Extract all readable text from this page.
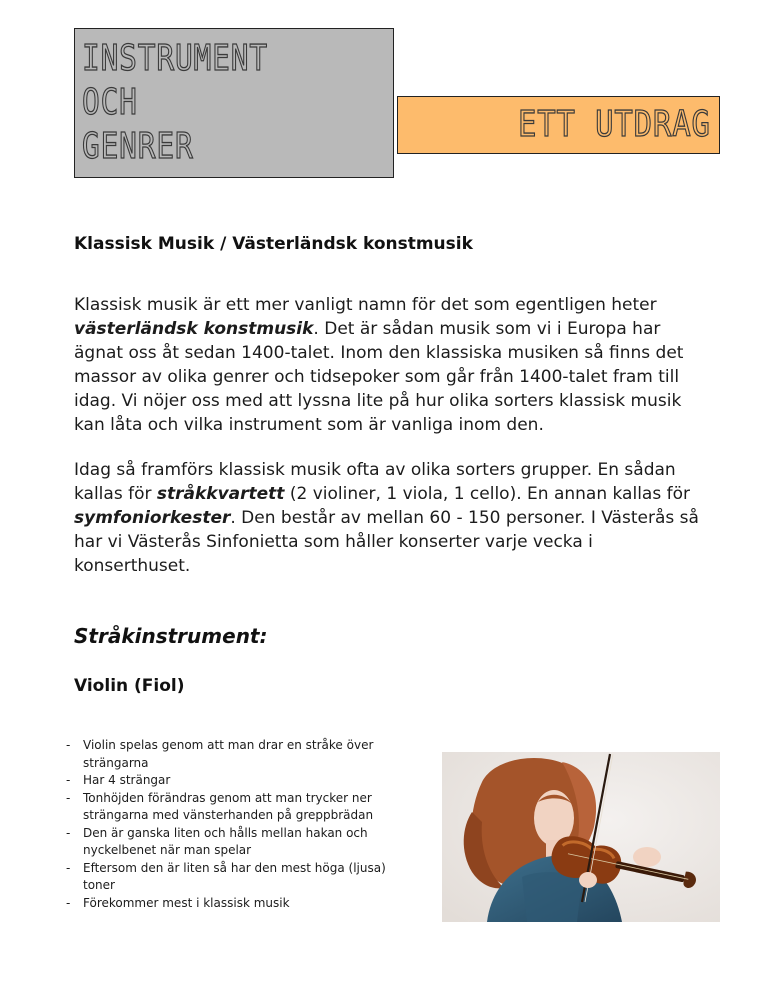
INSTRUMENT
OCH
GENRER
ETT UTDRAG
Klassisk Musik / Västerländsk konstmusik

Klassisk musik är ett mer vanligt namn för det som egentligen heter västerländsk konstmusik. Det är sådan musik som vi i Europa har ägnat oss åt sedan 1400-talet. Inom den klassiska musiken så finns det massor av olika genrer och tidsepoker som går från 1400-talet fram till idag. Vi nöjer oss med att lyssna lite på hur olika sorters klassisk musik kan låta och vilka instrument som är vanliga inom den.

Idag så framförs klassisk musik ofta av olika sorters grupper. En sådan kallas för stråkkvartett (2 violiner, 1 viola, 1 cello). En annan kallas för symfoniorkester. Den består av mellan 60 - 150 personer. I Västerås så har vi Västerås Sinfonietta som håller konserter varje vecka i konserthuset.

Stråkinstrument:
Violin (Fiol)
- Violin spelas genom att man drar en stråke över strängarna
- Har 4 strängar
- Tonhöjden förändras genom att man trycker ner strängarna med vänsterhanden på greppbrädan
- Den är ganska liten och hålls mellan hakan och nyckelbenet när man spelar
- Eftersom den är liten så har den mest höga (ljusa) toner
- Förekommer mest i klassisk musik
